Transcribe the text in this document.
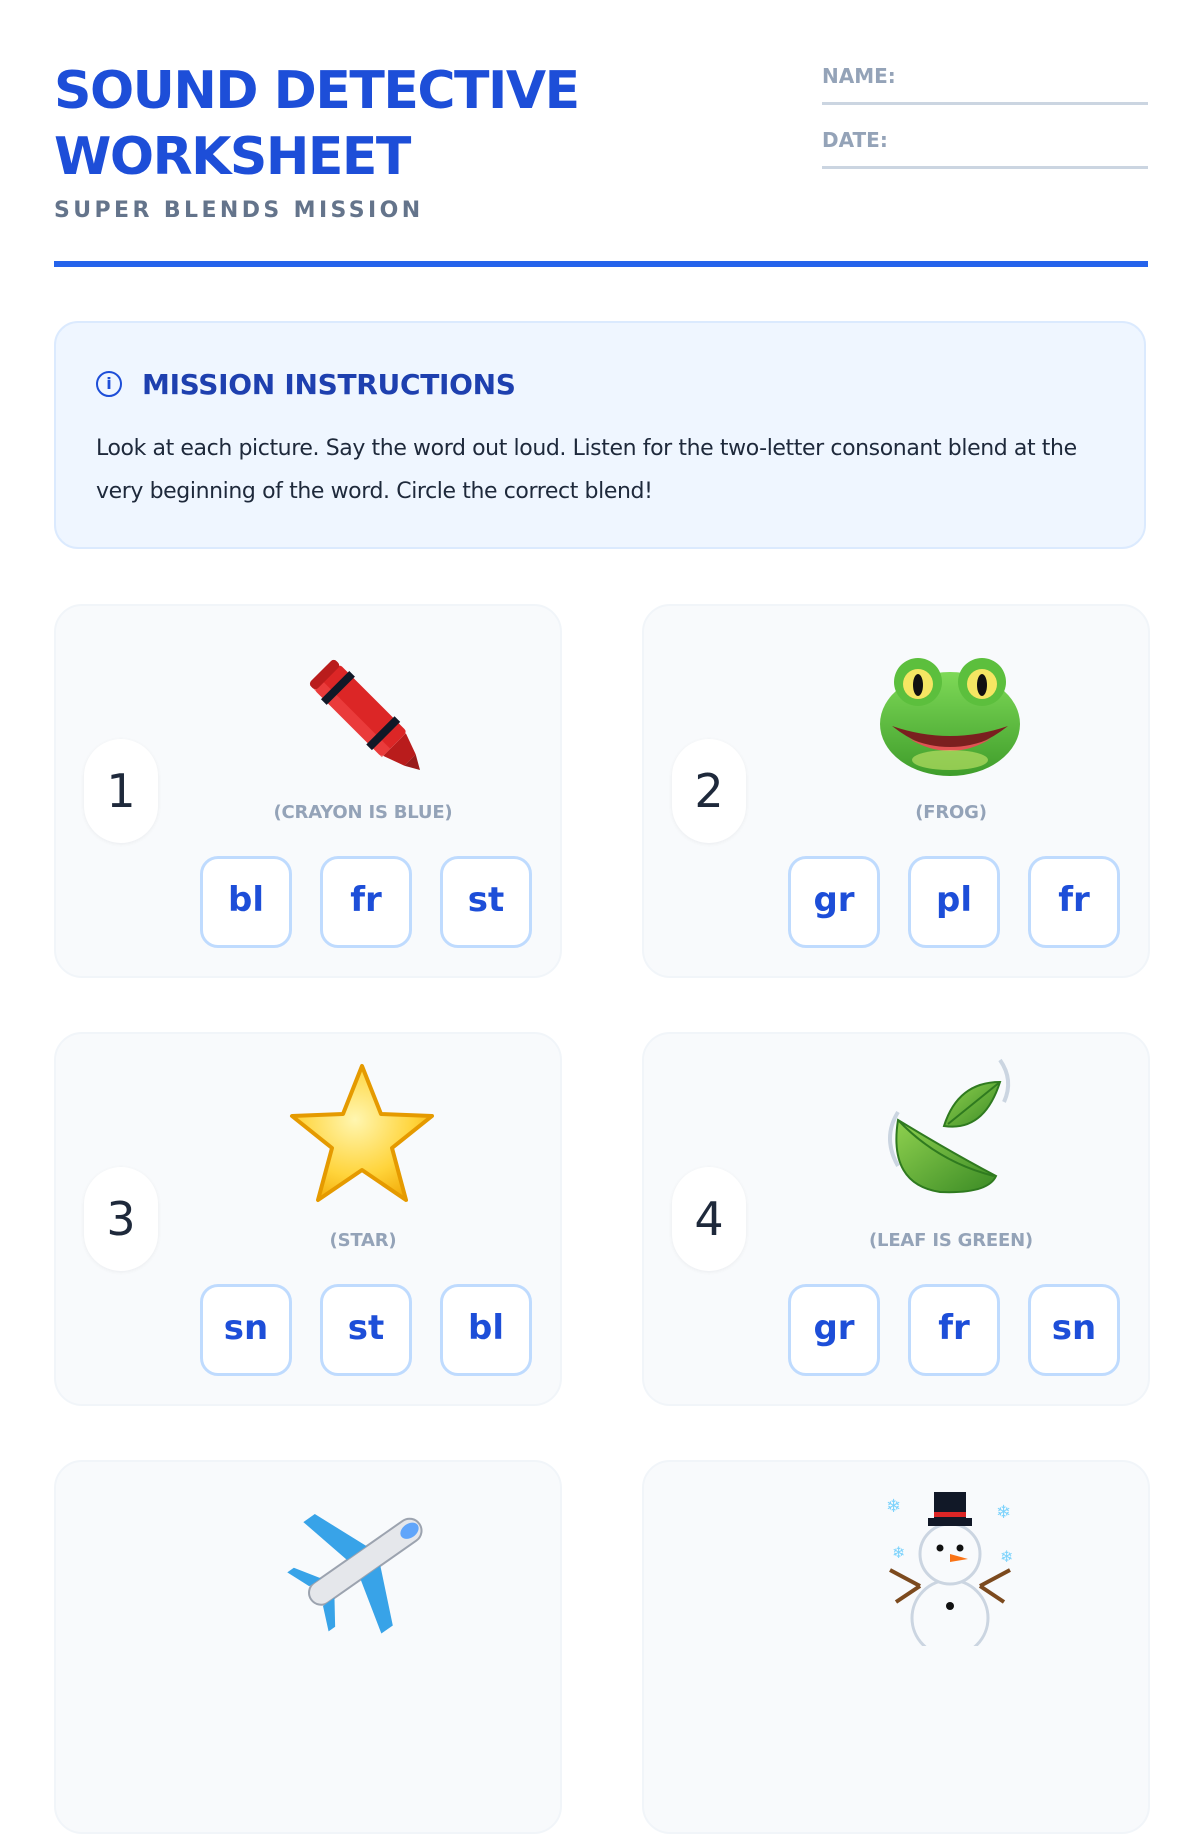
SOUND DETECTIVE
WORKSHEET
SUPER BLENDS MISSION
NAME:
DATE:
i	MISSION INSTRUCTIONS
Look at each picture. Say the word out loud. Listen for the two-letter consonant blend at the very beginning of the word. Circle the correct blend!
1	(CRAYON IS BLUE)
bl	fr	st
2	(FROG)
gr	pl	fr
3	(STAR)
sn	st	bl
4	(LEAF IS GREEN)
gr	fr	sn
❄	❄
❄	❄
